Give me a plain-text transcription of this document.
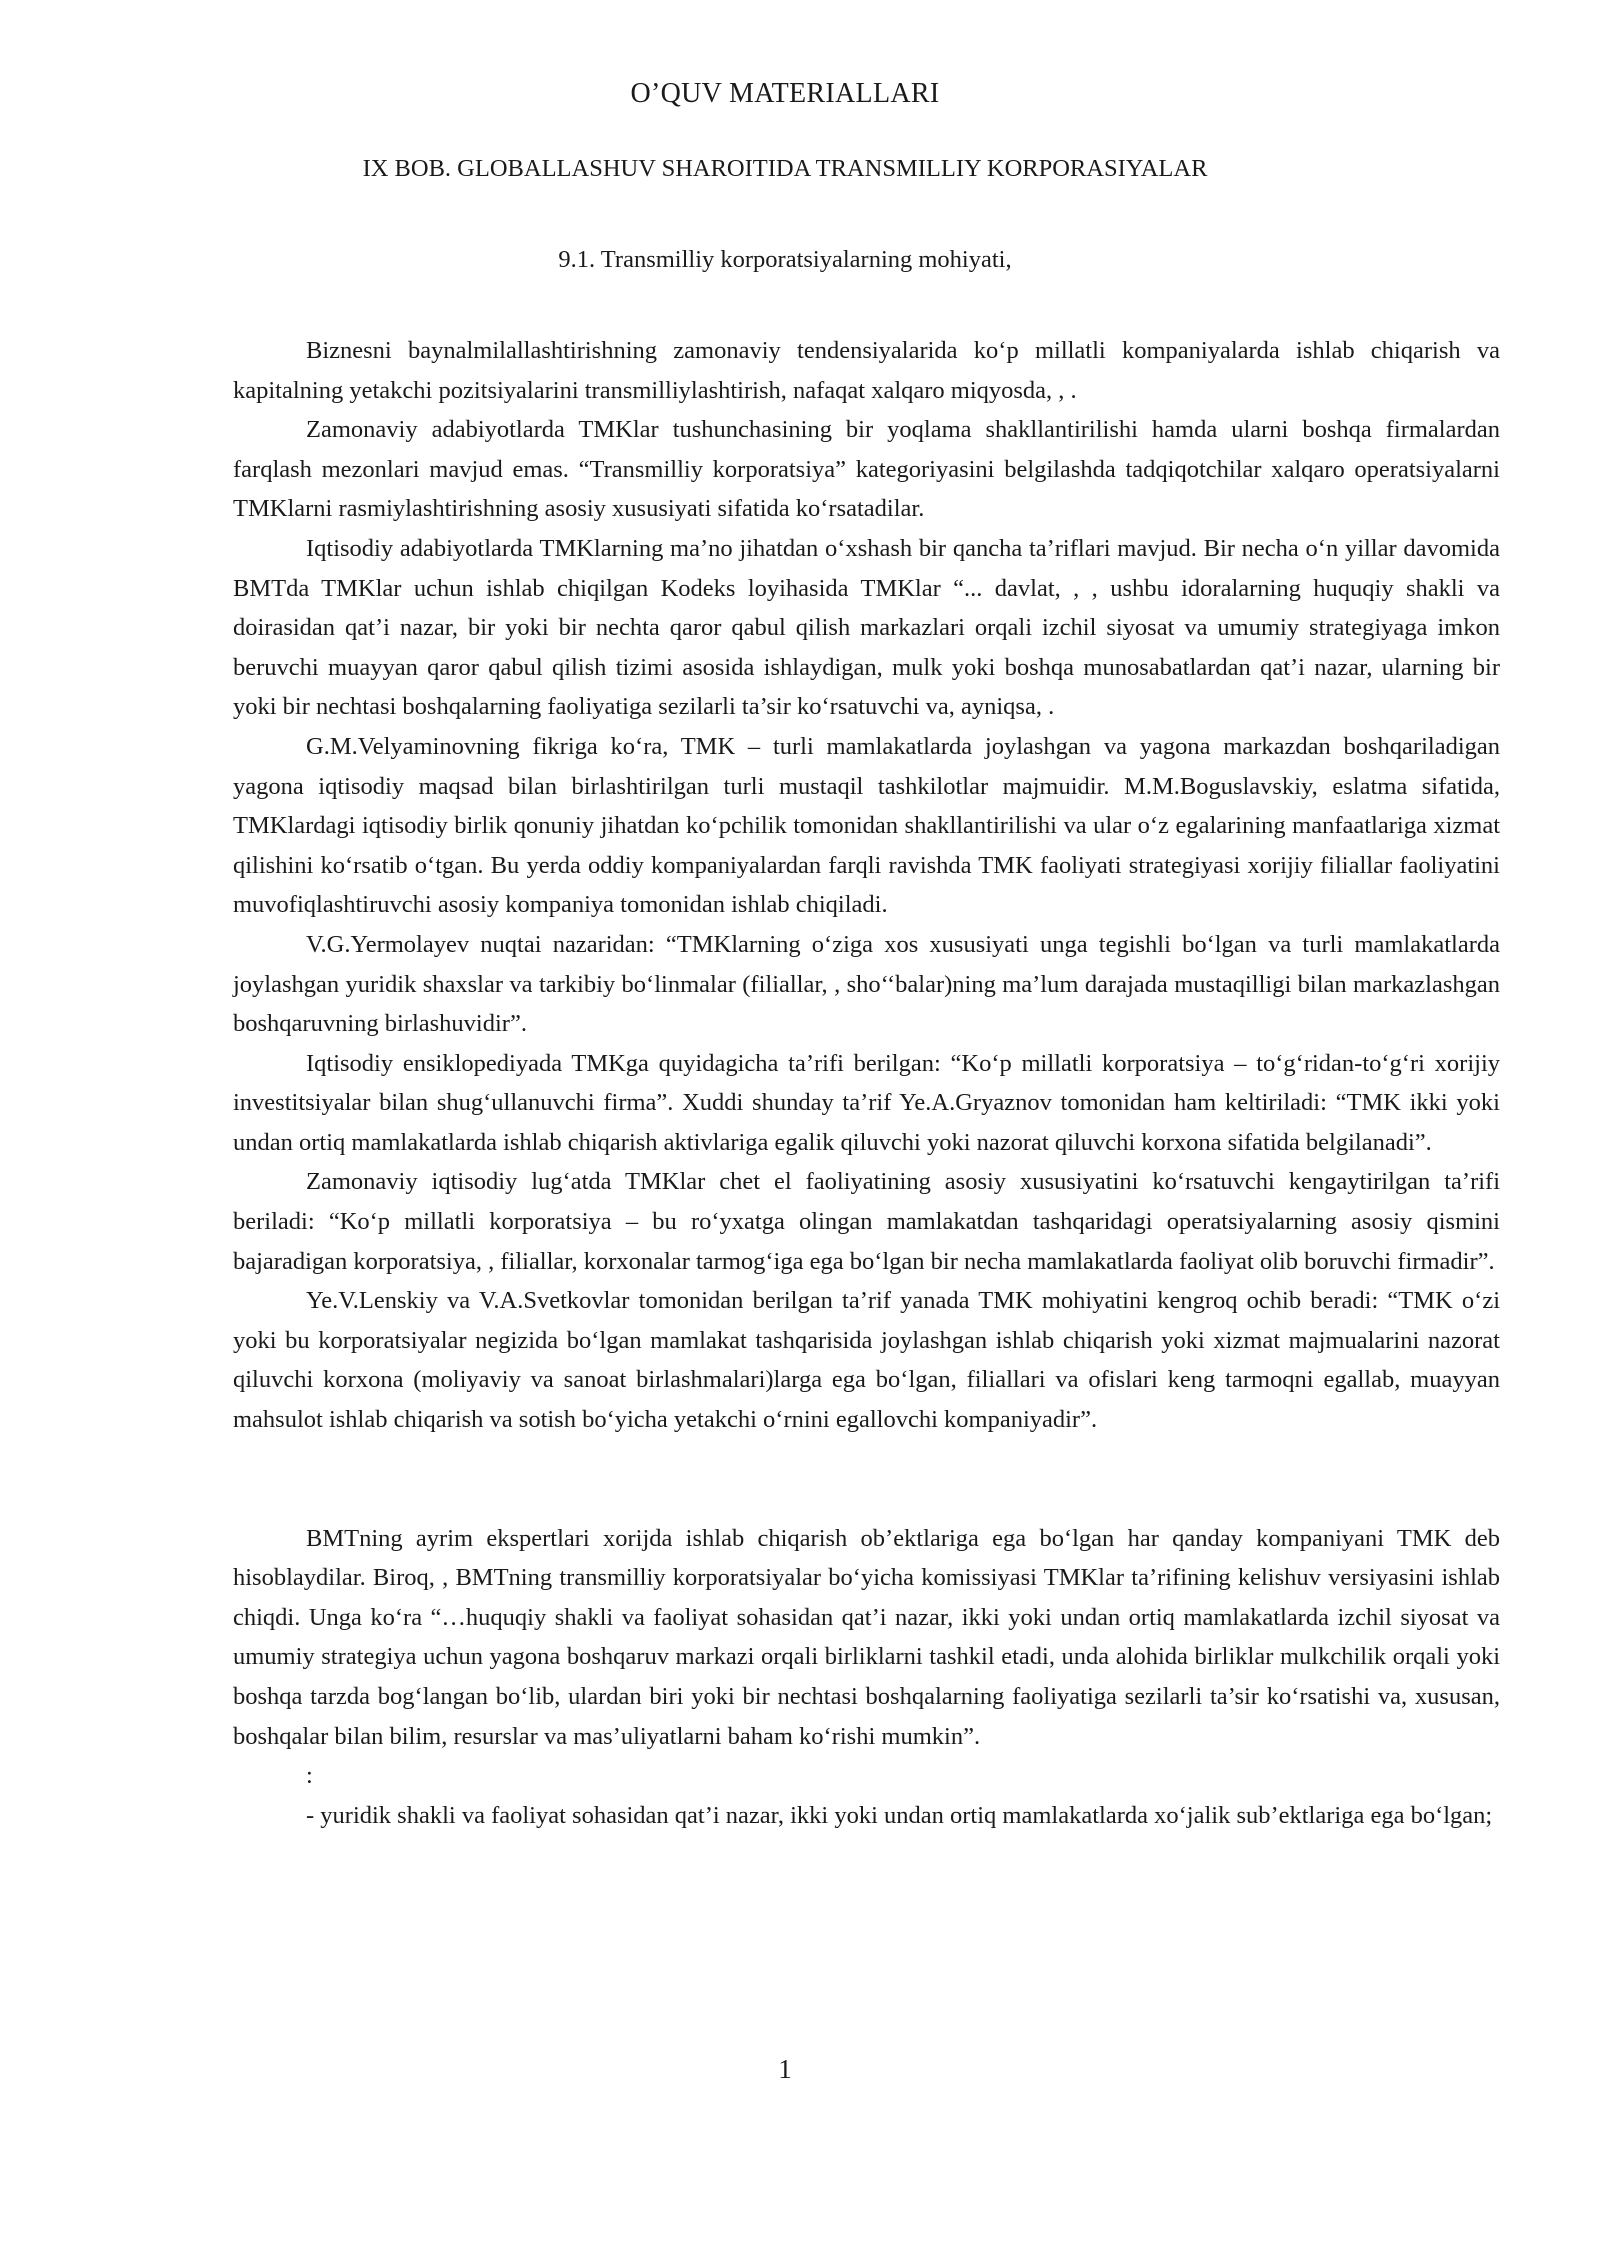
O’QUV MATERIALLARI
IX BOB. GLOBALLASHUV SHAROITIDA TRANSMILLIY KORPORASIYALAR
9.1. Transmilliy korporatsiyalarning mohiyati,

Biznesni baynalmilallashtirishning zamonaviy tendensiyalarida ko‘p millatli kompaniyalarda ishlab chiqarish va kapitalning yetakchi pozitsiyalarini transmilliylashtirish, nafaqat xalqaro miqyosda, , .

Zamonaviy adabiyotlarda TMKlar tushunchasining bir yoqlama shakllantirilishi hamda ularni boshqa firmalardan farqlash mezonlari mavjud emas. “Transmilliy korporatsiya” kategoriyasini belgilashda tadqiqotchilar xalqaro operatsiyalarni TMKlarni rasmiylashtirishning asosiy xususiyati sifatida ko‘rsatadilar.

Iqtisodiy adabiyotlarda TMKlarning ma’no jihatdan o‘xshash bir qancha ta’riflari mavjud. Bir necha o‘n yillar davomida BMTda TMKlar uchun ishlab chiqilgan Kodeks loyihasida TMKlar “... davlat, , , ushbu idoralarning huquqiy shakli va doirasidan qat’i nazar, bir yoki bir nechta qaror qabul qilish markazlari orqali izchil siyosat va umumiy strategiyaga imkon beruvchi muayyan qaror qabul qilish tizimi asosida ishlaydigan, mulk yoki boshqa munosabatlardan qat’i nazar, ularning bir yoki bir nechtasi boshqalarning faoliyatiga sezilarli ta’sir ko‘rsatuvchi va, ayniqsa, .

G.M.Velyaminovning fikriga ko‘ra, TMK – turli mamlakatlarda joylashgan va yagona markazdan boshqariladigan yagona iqtisodiy maqsad bilan birlashtirilgan turli mustaqil tashkilotlar majmuidir. M.M.Boguslavskiy, eslatma sifatida, TMKlardagi iqtisodiy birlik qonuniy jihatdan ko‘pchilik tomonidan shakllantirilishi va ular o‘z egalarining manfaatlariga xizmat qilishini ko‘rsatib o‘tgan. Bu yerda oddiy kompaniyalardan farqli ravishda TMK faoliyati strategiyasi xorijiy filiallar faoliyatini muvofiqlashtiruvchi asosiy kompaniya tomonidan ishlab chiqiladi.

V.G.Yermolayev nuqtai nazaridan: “TMKlarning o‘ziga xos xususiyati unga tegishli bo‘lgan va turli mamlakatlarda joylashgan yuridik shaxslar va tarkibiy bo‘linmalar (filiallar, , sho‘‘balar)ning ma’lum darajada mustaqilligi bilan markazlashgan boshqaruvning birlashuvidir”.

Iqtisodiy ensiklopediyada TMKga quyidagicha ta’rifi berilgan: “Ko‘p millatli korporatsiya – to‘g‘ridan-to‘g‘ri xorijiy investitsiyalar bilan shug‘ullanuvchi firma”. Xuddi shunday ta’rif Ye.A.Gryaznov tomonidan ham keltiriladi: “TMK ikki yoki undan ortiq mamlakatlarda ishlab chiqarish aktivlariga egalik qiluvchi yoki nazorat qiluvchi korxona sifatida belgilanadi”.

Zamonaviy iqtisodiy lug‘atda TMKlar chet el faoliyatining asosiy xususiyatini ko‘rsatuvchi kengaytirilgan ta’rifi beriladi: “Ko‘p millatli korporatsiya – bu ro‘yxatga olingan mamlakatdan tashqaridagi operatsiyalarning asosiy qismini bajaradigan korporatsiya, , filiallar, korxonalar tarmog‘iga ega bo‘lgan bir necha mamlakatlarda faoliyat olib boruvchi firmadir”.

Ye.V.Lenskiy va V.A.Svetkovlar tomonidan berilgan ta’rif yanada TMK mohiyatini kengroq ochib beradi: “TMK o‘zi yoki bu korporatsiyalar negizida bo‘lgan mamlakat tashqarisida joylashgan ishlab chiqarish yoki xizmat majmualarini nazorat qiluvchi korxona (moliyaviy va sanoat birlashmalari)larga ega bo‘lgan, filiallari va ofislari keng tarmoqni egallab, muayyan mahsulot ishlab chiqarish va sotish bo‘yicha yetakchi o‘rnini egallovchi kompaniyadir”.

BMTning ayrim ekspertlari xorijda ishlab chiqarish ob’ektlariga ega bo‘lgan har qanday kompaniyani TMK deb hisoblaydilar. Biroq, , BMTning transmilliy korporatsiyalar bo‘yicha komissiyasi TMKlar ta’rifining kelishuv versiyasini ishlab chiqdi. Unga ko‘ra “…huquqiy shakli va faoliyat sohasidan qat’i nazar, ikki yoki undan ortiq mamlakatlarda izchil siyosat va umumiy strategiya uchun yagona boshqaruv markazi orqali birliklarni tashkil etadi, unda alohida birliklar mulkchilik orqali yoki boshqa tarzda bog‘langan bo‘lib, ulardan biri yoki bir nechtasi boshqalarning faoliyatiga sezilarli ta’sir ko‘rsatishi va, xususan, boshqalar bilan bilim, resurslar va mas’uliyatlarni baham ko‘rishi mumkin”.

:

- yuridik shakli va faoliyat sohasidan qat’i nazar, ikki yoki undan ortiq mamlakatlarda xo‘jalik sub’ektlariga ega bo‘lgan;

1
